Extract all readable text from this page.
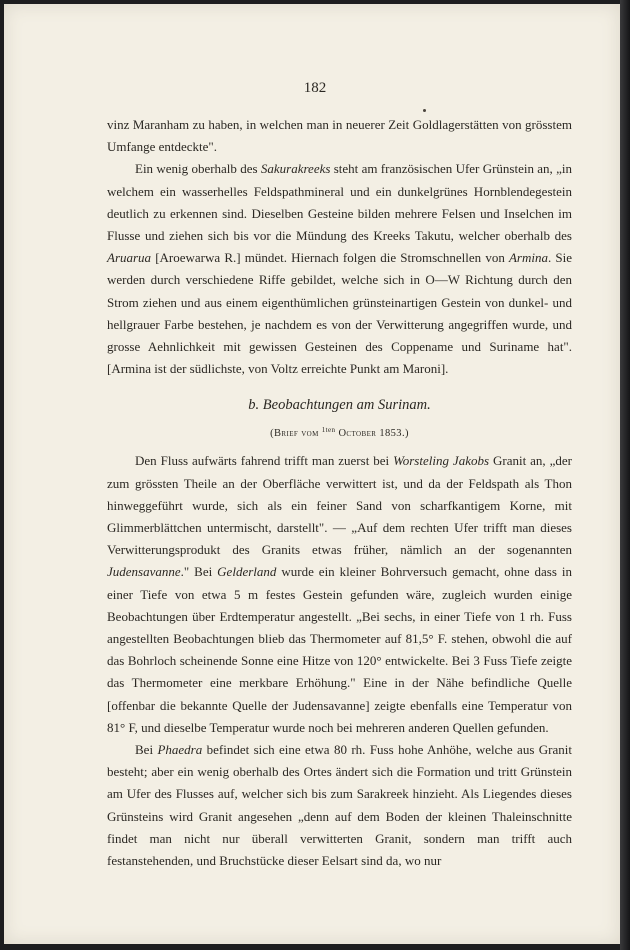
182

vinz Maranham zu haben, in welchen man in neuerer Zeit Goldlagerstätten von grösstem Umfange entdeckte".

Ein wenig oberhalb des Sakurakreeks steht am französischen Ufer Grünstein an, „in welchem ein wasserhelles Feldspathmineral und ein dunkelgrünes Hornblendegestein deutlich zu erkennen sind. Dieselben Gesteine bilden mehrere Felsen und Inselchen im Flusse und ziehen sich bis vor die Mündung des Kreeks Takutu, welcher oberhalb des Aruarua [Aroewarwa R.] mündet. Hiernach folgen die Stromschnellen von Armina. Sie werden durch verschiedene Riffe gebildet, welche sich in O—W Richtung durch den Strom ziehen und aus einem eigenthümlichen grünsteinartigen Gestein von dunkel- und hellgrauer Farbe bestehen, je nachdem es von der Verwitterung angegriffen wurde, und grosse Aehnlichkeit mit gewissen Gesteinen des Coppename und Suriname hat". [Armina ist der südlichste, von Voltz erreichte Punkt am Maroni].

b. Beobachtungen am Surinam.
(Brief vom $^{1ten}$ October 1853.)

Den Fluss aufwärts fahrend trifft man zuerst bei Worsteling Jakobs Granit an, „der zum grössten Theile an der Oberfläche verwittert ist, und da der Feldspath als Thon hinweggeführt wurde, sich als ein feiner Sand von scharfkantigem Korne, mit Glimmerblättchen untermischt, darstellt". — „Auf dem rechten Ufer trifft man dieses Verwitterungsprodukt des Granits etwas früher, nämlich an der sogenannten Judensavanne." Bei Gelderland wurde ein kleiner Bohrversuch gemacht, ohne dass in einer Tiefe von etwa 5 m festes Gestein gefunden wäre, zugleich wurden einige Beobachtungen über Erdtemperatur angestellt. „Bei sechs, in einer Tiefe von 1 rh. Fuss angestellten Beobachtungen blieb das Thermometer auf 81,5° F. stehen, obwohl die auf das Bohrloch scheinende Sonne eine Hitze von 120° entwickelte. Bei 3 Fuss Tiefe zeigte das Thermometer eine merkbare Erhöhung." Eine in der Nähe befindliche Quelle [offenbar die bekannte Quelle der Judensavanne] zeigte ebenfalls eine Temperatur von 81° F, und dieselbe Temperatur wurde noch bei mehreren anderen Quellen gefunden.

Bei Phaedra befindet sich eine etwa 80 rh. Fuss hohe Anhöhe, welche aus Granit besteht; aber ein wenig oberhalb des Ortes ändert sich die Formation und tritt Grünstein am Ufer des Flusses auf, welcher sich bis zum Sarakreek hinzieht. Als Liegendes dieses Grünsteins wird Granit angesehen „denn auf dem Boden der kleinen Thaleinschnitte findet man nicht nur überall verwitterten Granit, sondern man trifft auch festanstehenden, und Bruchstücke dieser Eelsart sind da, wo nur
